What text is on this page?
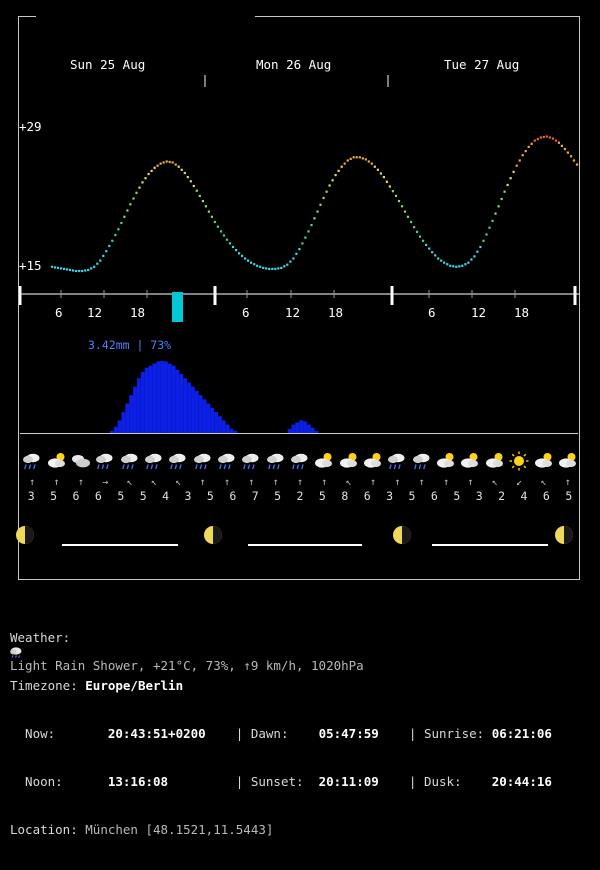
Sun 25 Aug	Mon 26 Aug	Tue 27 Aug
+29
+15
6 12 18	6	12 18	6	12 18
3.42mm | 73%
↑	↑	↑	→	↖	↖	↖	↑	↑	↑	↑	↑	↑	↖	↑	↑	↑	↑	↑	↖	↙	↖	↑
3	5	6	6	5	5	4	3	5	6	7	5	2	5	8	6	3	5	6	5	3	2	4	6	5

Weather:
Light Rain Shower, +21°C, 73%, ↑9 km/h, 1020hPa

Timezone: Europe/Berlin

Now:       20:43:51+0200    | Dawn:    05:47:59    | Sunrise: 06:21:06

Noon:      13:16:08         | Sunset:  20:11:09    | Dusk:    20:44:16

Location: München [48.1521,11.5443]
